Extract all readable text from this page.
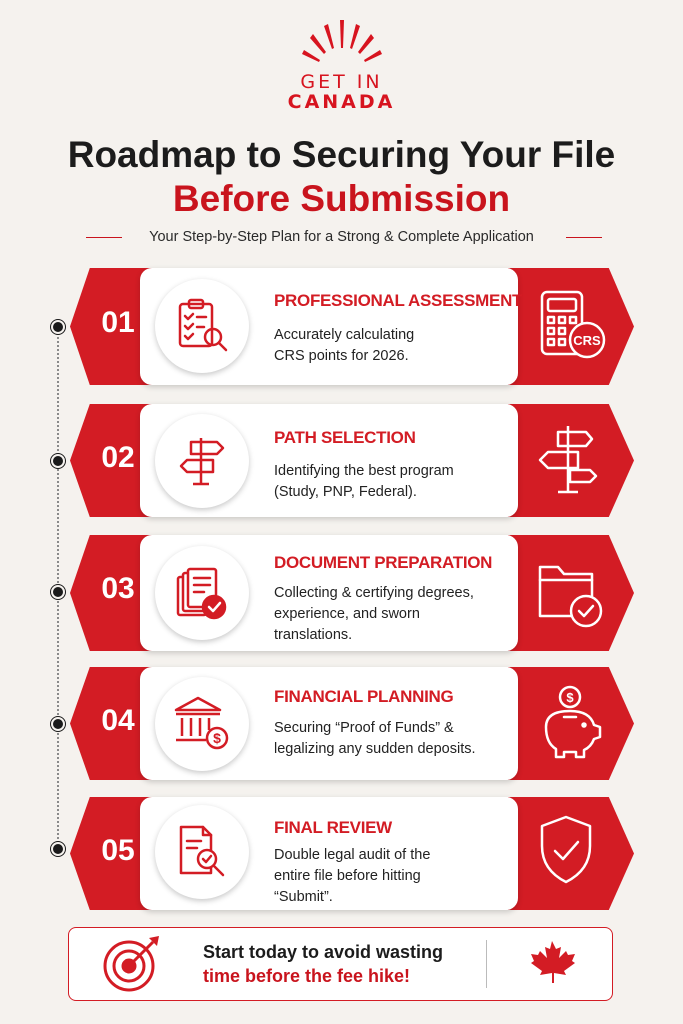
GET IN
CANADA
Roadmap to Securing Your File
Before Submission
Your Step-by-Step Plan for a Strong & Complete Application
01
PROFESSIONAL ASSESSMENT
Accurately calculating CRS points for 2026.
CRS
02
PATH SELECTION
Identifying the best program (Study, PNP, Federal).
03
DOCUMENT PREPARATION
Collecting & certifying degrees, experience, and sworn translations.
04
$
FINANCIAL PLANNING
Securing “Proof of Funds” & legalizing any sudden deposits.
$
05
FINAL REVIEW
Double legal audit of the entire file before hitting “Submit”.
Start today to avoid wasting
time before the fee hike!
